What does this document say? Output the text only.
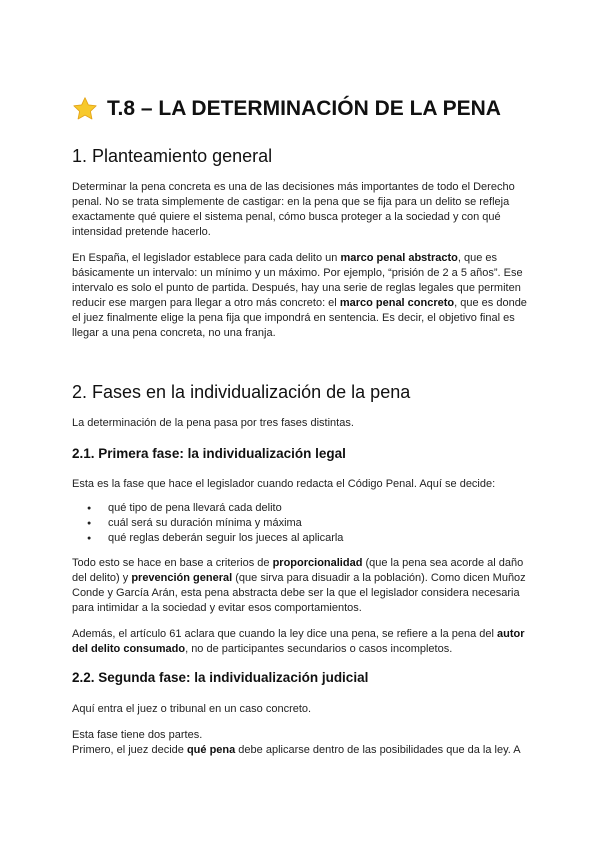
T.8 – LA DETERMINACIÓN DE LA PENA
1. Planteamiento general

Determinar la pena concreta es una de las decisiones más importantes de todo el Derecho penal. No se trata simplemente de castigar: en la pena que se fija para un delito se refleja exactamente qué quiere el sistema penal, cómo busca proteger a la sociedad y con qué intensidad pretende hacerlo.

En España, el legislador establece para cada delito un marco penal abstracto, que es básicamente un intervalo: un mínimo y un máximo. Por ejemplo, “prisión de 2 a 5 años”. Ese intervalo es solo el punto de partida. Después, hay una serie de reglas legales que permiten reducir ese margen para llegar a otro más concreto: el marco penal concreto, que es donde el juez finalmente elige la pena fija que impondrá en sentencia. Es decir, el objetivo final es llegar a una pena concreta, no una franja.

2. Fases en la individualización de la pena

La determinación de la pena pasa por tres fases distintas.

2.1. Primera fase: la individualización legal

Esta es la fase que hace el legislador cuando redacta el Código Penal. Aquí se decide:

● qué tipo de pena llevará cada delito
● cuál será su duración mínima y máxima
● qué reglas deberán seguir los jueces al aplicarla

Todo esto se hace en base a criterios de proporcionalidad (que la pena sea acorde al daño del delito) y prevención general (que sirva para disuadir a la población). Como dicen Muñoz Conde y García Arán, esta pena abstracta debe ser la que el legislador considera necesaria para intimidar a la sociedad y evitar esos comportamientos.

Además, el artículo 61 aclara que cuando la ley dice una pena, se refiere a la pena del autor del delito consumado, no de participantes secundarios o casos incompletos.

2.2. Segunda fase: la individualización judicial

Aquí entra el juez o tribunal en un caso concreto.

Esta fase tiene dos partes.

Primero, el juez decide qué pena debe aplicarse dentro de las posibilidades que da la ley. A
